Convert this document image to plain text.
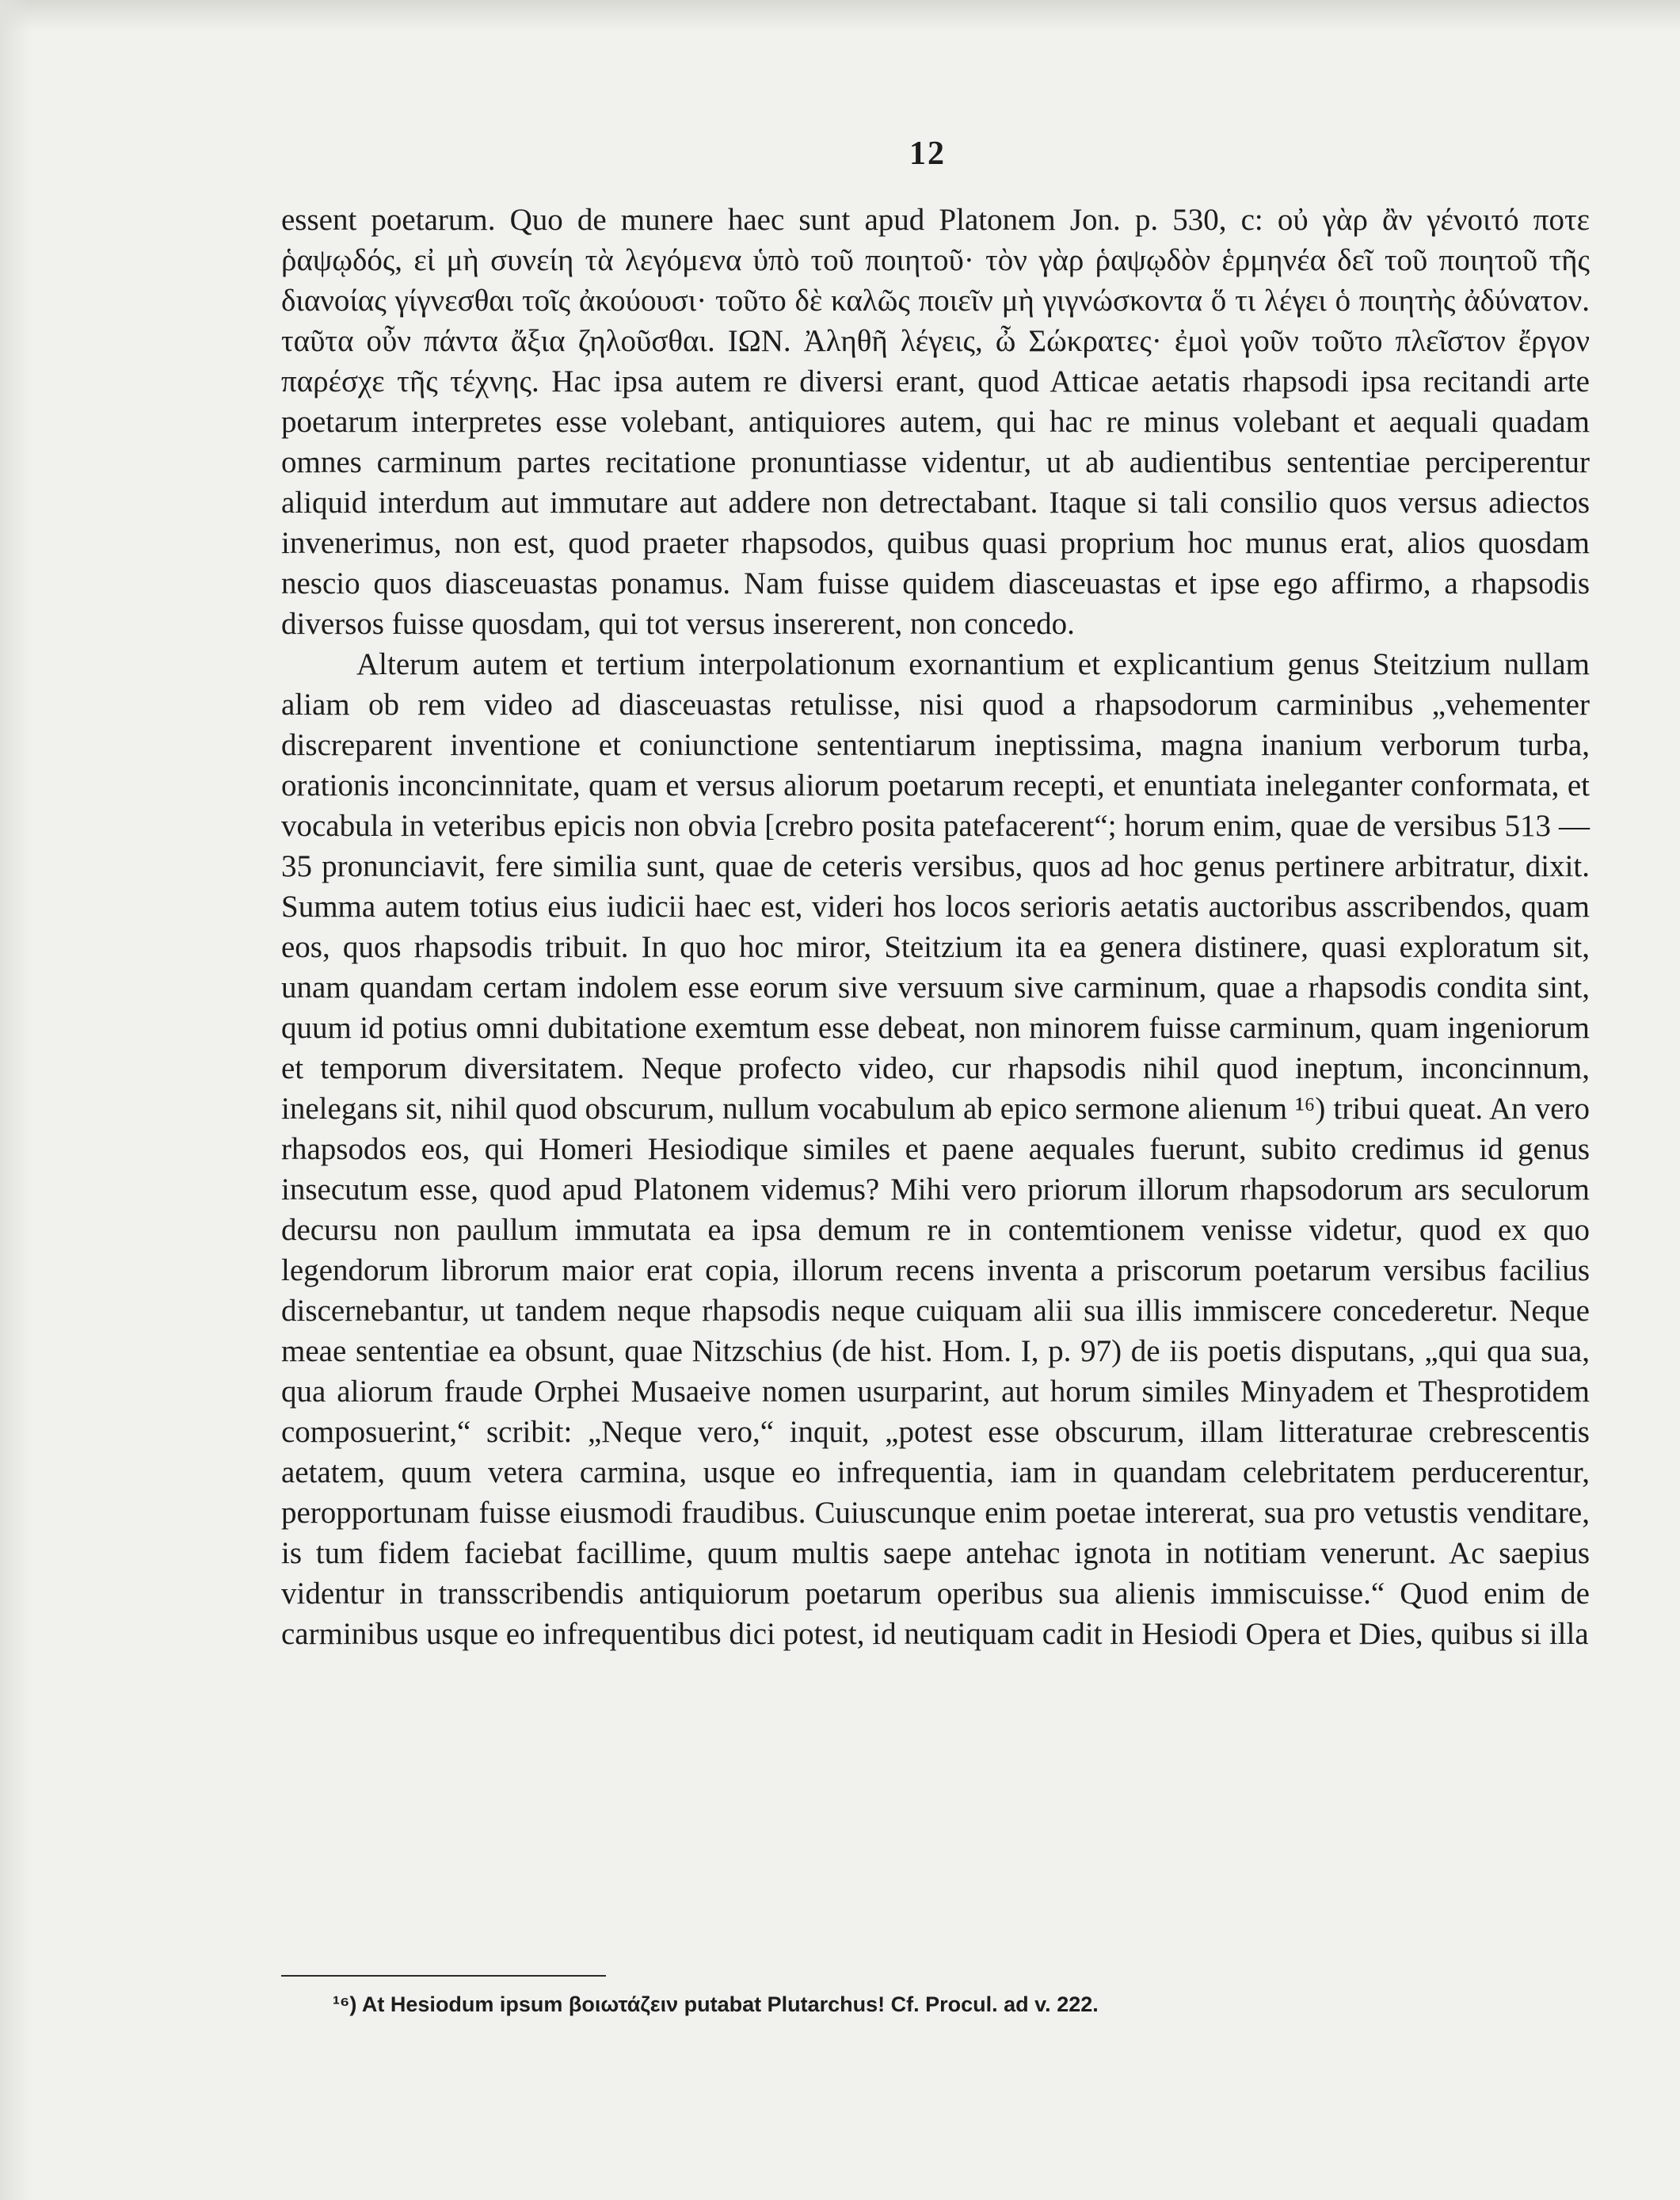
12

essent poetarum. Quo de munere haec sunt apud Platonem Jon. p. 530, c: οὐ γὰρ ἂν γένοιτό ποτε ῥαψῳδός, εἰ μὴ συνείη τὰ λεγόμενα ὑπὸ τοῦ ποιητοῦ· τὸν γὰρ ῥαψῳδὸν ἑρμηνέα δεῖ τοῦ ποιητοῦ τῆς διανοίας γίγνεσθαι τοῖς ἀκούουσι· τοῦτο δὲ καλῶς ποιεῖν μὴ γιγνώσκοντα ὅ τι λέγει ὁ ποιητὴς ἀδύνατον. ταῦτα οὖν πάντα ἄξια ζηλοῦσθαι. ΙΩΝ. Ἀληθῆ λέγεις, ὦ Σώκρατες· ἐμοὶ γοῦν τοῦτο πλεῖστον ἔργον παρέσχε τῆς τέχνης. Hac ipsa autem re diversi erant, quod Atticae aetatis rhapsodi ipsa recitandi arte poetarum interpretes esse volebant, antiquiores autem, qui hac re minus volebant et aequali quadam omnes carminum partes recitatione pronuntiasse videntur, ut ab audientibus sententiae perciperentur aliquid interdum aut immutare aut addere non detrectabant. Itaque si tali consilio quos versus adiectos invenerimus, non est, quod praeter rhapsodos, quibus quasi proprium hoc munus erat, alios quosdam nescio quos diasceuastas ponamus. Nam fuisse quidem diasceuastas et ipse ego affirmo, a rhapsodis diversos fuisse quosdam, qui tot versus insererent, non concedo.

Alterum autem et tertium interpolationum exornantium et explicantium genus Steitzium nullam aliam ob rem video ad diasceuastas retulisse, nisi quod a rhapsodorum carminibus „vehementer discreparent inventione et coniunctione sententiarum ineptissima, magna inanium verborum turba, orationis inconcinnitate, quam et versus aliorum poetarum recepti, et enuntiata ineleganter conformata, et vocabula in veteribus epicis non obvia [crebro posita patefacerent“; horum enim, quae de versibus 513 — 35 pronunciavit, fere similia sunt, quae de ceteris versibus, quos ad hoc genus pertinere arbitratur, dixit. Summa autem totius eius iudicii haec est, videri hos locos serioris aetatis auctoribus asscribendos, quam eos, quos rhapsodis tribuit. In quo hoc miror, Steitzium ita ea genera distinere, quasi exploratum sit, unam quandam certam indolem esse eorum sive versuum sive carminum, quae a rhapsodis condita sint, quum id potius omni dubitatione exemtum esse debeat, non minorem fuisse carminum, quam ingeniorum et temporum diversitatem. Neque profecto video, cur rhapsodis nihil quod ineptum, inconcinnum, inelegans sit, nihil quod obscurum, nullum vocabulum ab epico sermone alienum ¹⁶) tribui queat. An vero rhapsodos eos, qui Homeri Hesiodique similes et paene aequales fuerunt, subito credimus id genus insecutum esse, quod apud Platonem videmus? Mihi vero priorum illorum rhapsodorum ars seculorum decursu non paullum immutata ea ipsa demum re in contemtionem venisse videtur, quod ex quo legendorum librorum maior erat copia, illorum recens inventa a priscorum poetarum versibus facilius discernebantur, ut tandem neque rhapsodis neque cuiquam alii sua illis immiscere concederetur. Neque meae sententiae ea obsunt, quae Nitzschius (de hist. Hom. I, p. 97) de iis poetis disputans, „qui qua sua, qua aliorum fraude Orphei Musaeive nomen usurparint, aut horum similes Minyadem et Thesprotidem composuerint,“ scribit: „Neque vero,“ inquit, „potest esse obscurum, illam litteraturae crebrescentis aetatem, quum vetera carmina, usque eo infrequentia, iam in quandam celebritatem perducerentur, peropportunam fuisse eiusmodi fraudibus. Cuiuscunque enim poetae intererat, sua pro vetustis venditare, is tum fidem faciebat facillime, quum multis saepe antehac ignota in notitiam venerunt. Ac saepius videntur in transscribendis antiquiorum poetarum operibus sua alienis immiscuisse.“ Quod enim de carminibus usque eo infrequentibus dici potest, id neutiquam cadit in Hesiodi Opera et Dies, quibus si illa

¹⁶) At Hesiodum ipsum βοιωτάζειν putabat Plutarchus! Cf. Procul. ad v. 222.
